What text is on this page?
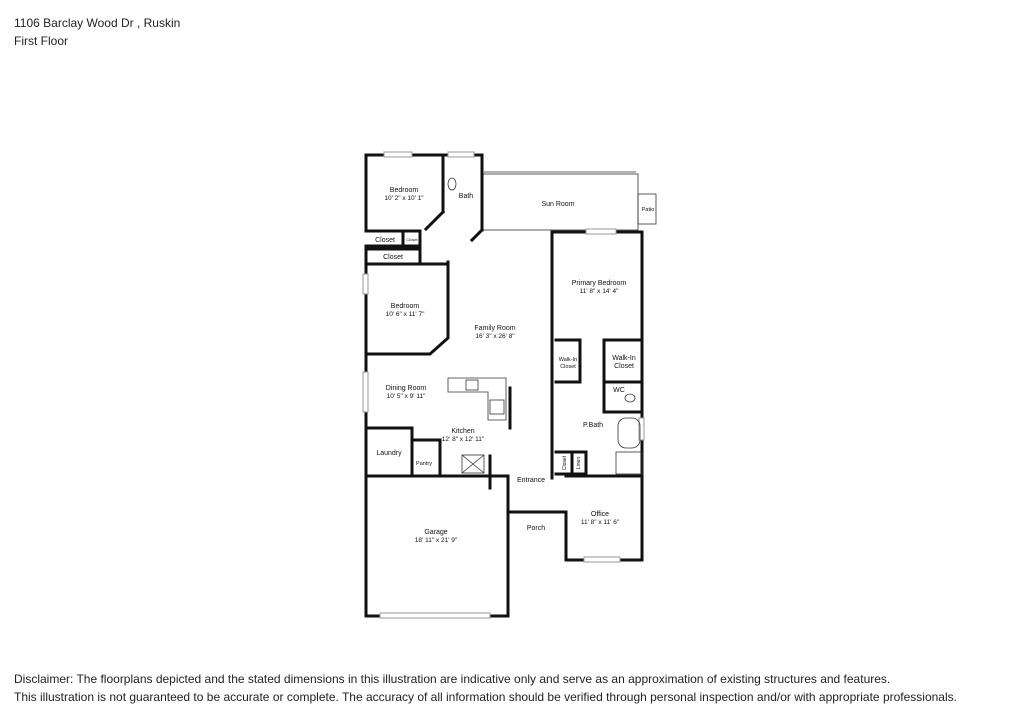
1106 Barclay Wood Dr , Ruskin
First Floor
Bedroom
10' 2" x 10' 1"	Bath
Sun Room
Patio
Closet	Closet
Closet
Bedroom
10' 6" x 11' 7"
Family Room
16' 3" x 26' 8"
Primary Bedroom
11' 8" x 14' 4"
Walk-In
Closet
Walk-In
Closet
WC
Dining Room
10' 5" x 9' 11"
Kitchen
12' 8" x 12' 11"
P.Bath
Laundry
Pantry	Closet Linen
Entrance
Garage
18' 11" x 21' 9"
Porch
Office
11' 8" x 11' 6"
Disclaimer: The floorplans depicted and the stated dimensions in this illustration are indicative only and serve as an approximation of existing structures and features.
This illustration is not guaranteed to be accurate or complete. The accuracy of all information should be verified through personal inspection and/or with appropriate professionals.
